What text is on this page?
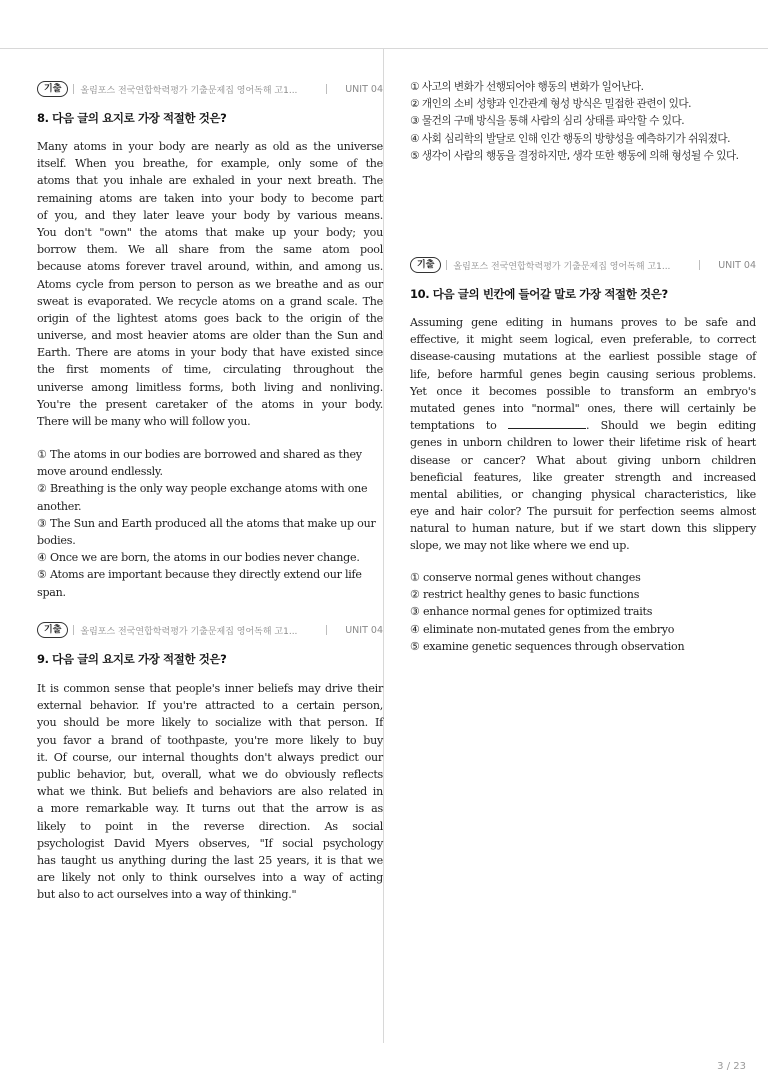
기출	올림포스 전국연합학력평가 기출문제집 영어독해 고1...	UNIT 04
8. 다음 글의 요지로 가장 적절한 것은?
Many atoms in your body are nearly as old as the universe
itself. When you breathe, for example, only some of the
atoms that you inhale are exhaled in your next breath. The
remaining atoms are taken into your body to become part
of you, and they later leave your body by various means.
You don't "own" the atoms that make up your body; you
borrow them. We all share from the same atom pool
because atoms forever travel around, within, and among us.
Atoms cycle from person to person as we breathe and as our
sweat is evaporated. We recycle atoms on a grand scale. The
origin of the lightest atoms goes back to the origin of the
universe, and most heavier atoms are older than the Sun and
Earth. There are atoms in your body that have existed since
the first moments of time, circulating throughout the
universe among limitless forms, both living and nonliving.
You're the present caretaker of the atoms in your body.
There will be many who will follow you.
① The atoms in our bodies are borrowed and shared as they move around endlessly.
② Breathing is the only way people exchange atoms with one another.
③ The Sun and Earth produced all the atoms that make up our bodies.
④ Once we are born, the atoms in our bodies never change.
⑤ Atoms are important because they directly extend our life span.
기출	올림포스 전국연합학력평가 기출문제집 영어독해 고1...	UNIT 04
9. 다음 글의 요지로 가장 적절한 것은?
It is common sense that people's inner beliefs may drive their
external behavior. If you're attracted to a certain person,
you should be more likely to socialize with that person. If
you favor a brand of toothpaste, you're more likely to buy
it. Of course, our internal thoughts don't always predict our
public behavior, but, overall, what we do obviously reflects
what we think. But beliefs and behaviors are also related in
a more remarkable way. It turns out that the arrow is as
likely to point in the reverse direction. As social
psychologist David Myers observes, "If social psychology
has taught us anything during the last 25 years, it is that we
are likely not only to think ourselves into a way of acting
but also to act ourselves into a way of thinking."
① 사고의 변화가 선행되어야 행동의 변화가 일어난다.
② 개인의 소비 성향과 인간관계 형성 방식은 밀접한 관련이 있다.
③ 물건의 구매 방식을 통해 사람의 심리 상태를 파악할 수 있다.
④ 사회 심리학의 발달로 인해 인간 행동의 방향성을 예측하기가 쉬워졌다.
⑤ 생각이 사람의 행동을 결정하지만, 생각 또한 행동에 의해 형성될 수 있다.
기출	올림포스 전국연합학력평가 기출문제집 영어독해 고1...	UNIT 04
10. 다음 글의 빈칸에 들어갈 말로 가장 적절한 것은?
Assuming gene editing in humans proves to be safe and
effective, it might seem logical, even preferable, to correct
disease-causing mutations at the earliest possible stage of
life, before harmful genes begin causing serious problems.
Yet once it becomes possible to transform an embryo's
mutated genes into "normal" ones, there will certainly be
temptations to	. Should we begin editing
genes in unborn children to lower their lifetime risk of heart
disease or cancer? What about giving unborn children
beneficial features, like greater strength and increased
mental abilities, or changing physical characteristics, like
eye and hair color? The pursuit for perfection seems almost
natural to human nature, but if we start down this slippery
slope, we may not like where we end up.
① conserve normal genes without changes
② restrict healthy genes to basic functions
③ enhance normal genes for optimized traits
④ eliminate non-mutated genes from the embryo
⑤ examine genetic sequences through observation
3 / 23
